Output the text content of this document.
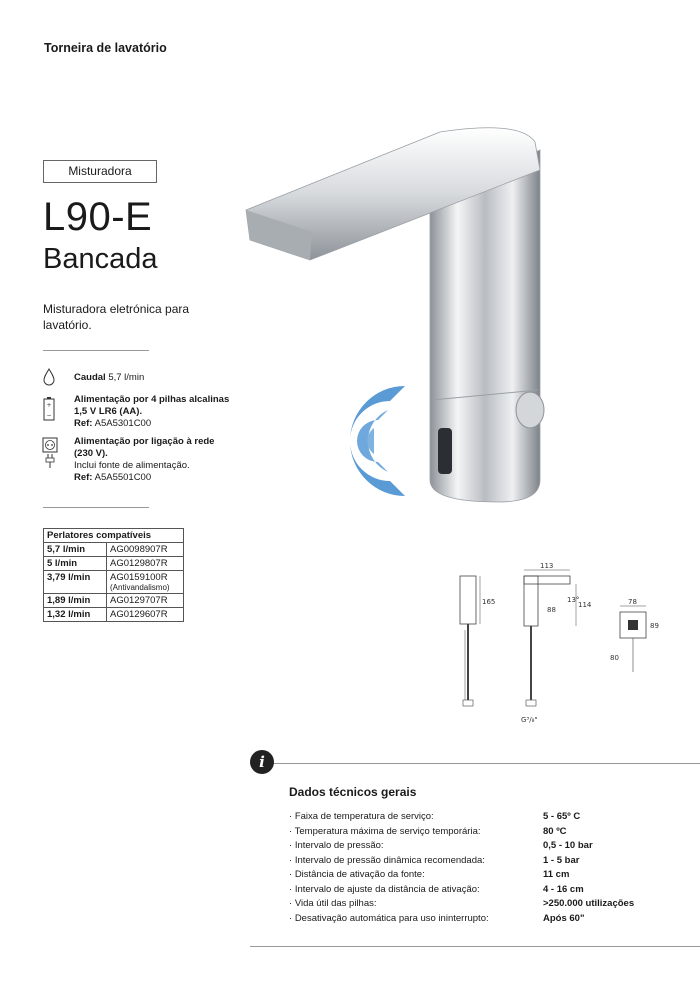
Torneira de lavatório
Misturadora
L90-E
Bancada
Misturadora eletrónica para lavatório.
Caudal 5,7 l/min
+
−
Alimentação por 4 pilhas alcalinas 1,5 V LR6 (AA).
Ref: A5A5301C00
Alimentação por ligação à rede (230 V).
Inclui fonte de alimentação.
Ref: A5A5501C00
Perlatores compatíveis	
5,7 l/min	AG0098907R
5 l/min	AG0129807R
3,79 l/min	AG0159100R
(Antivandalismo)

1,89 l/min	AG0129707R
1,32 l/min	AG0129607R
165
113
88
13°
114
G³/₈"
78
89
80
i
Dados técnicos gerais
· Faixa de temperatura de serviço:	5 - 65º C
· Temperatura máxima de serviço temporária:	80 ºC
· Intervalo de pressão:	0,5 - 10 bar
· Intervalo de pressão dinâmica recomendada:	1 - 5 bar
· Distância de ativação da fonte:	11 cm
· Intervalo de ajuste da distância de ativação:	4 - 16 cm
· Vida útil das pilhas:	>250.000 utilizações
· Desativação automática para uso ininterrupto:	Após 60"
